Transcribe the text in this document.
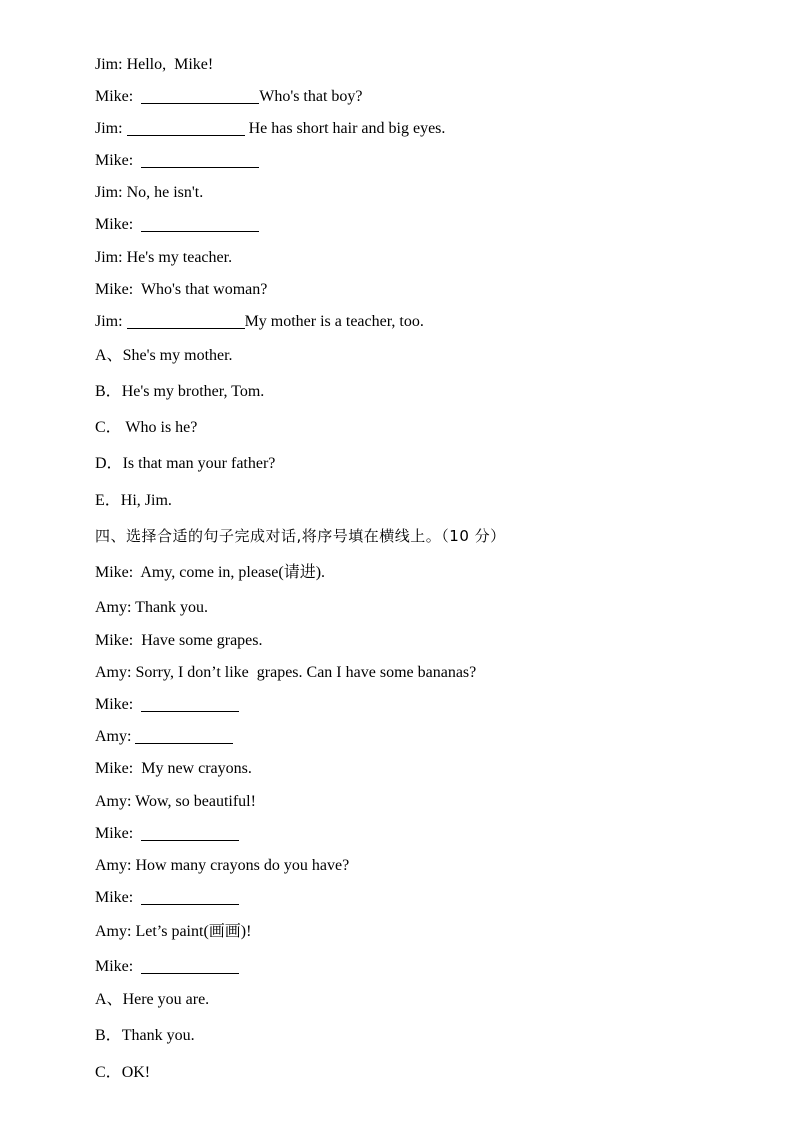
Jim: Hello,  Mike!
Mike:	Who's that boy?
Jim:	He has short hair and big eyes.
Mike:
Jim: No, he isn't.
Mike:
Jim: He's my teacher.
Mike: Who's that woman?
Jim:	My mother is a teacher, too.
A、She's my mother.
B．He's my brother, Tom.
C． Who is he?
D．Is that man your father?
E．Hi, Jim.
四、选择合适的句子完成对话,将序号填在横线上。（10 分）
Mike: Amy, come in, please(请进).
Amy: Thank you.
Mike: Have some grapes.
Amy: Sorry, I don’t like  grapes. Can I have some bananas?
Mike:
Amy:
Mike: My new crayons.
Amy: Wow, so beautiful!
Mike:
Amy: How many crayons do you have?
Mike:
Amy: Let’s paint(画画)!
Mike:
A、Here you are.
B．Thank you.
C．OK!
